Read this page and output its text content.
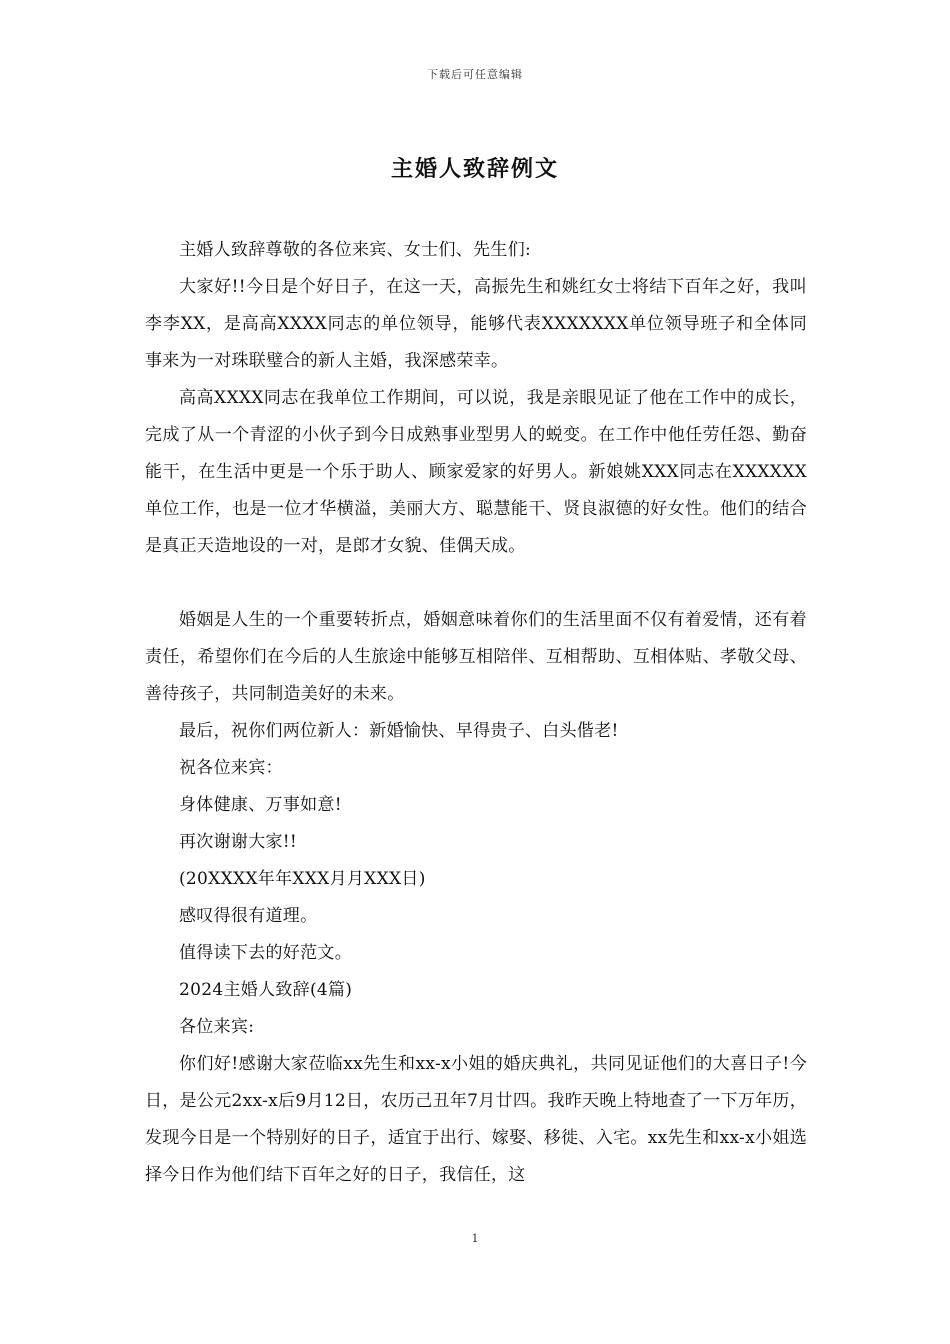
下载后可任意编辑
主婚人致辞例文

主婚人致辞尊敬的各位来宾、女士们、先生们:

大家好!!今日是个好日子，在这一天，高振先生和姚红女士将结下百年之好，我叫李李XX，是高高XXXX同志的单位领导，能够代表XXXXXXX单位领导班子和全体同事来为一对珠联璧合的新人主婚，我深感荣幸。

高高XXXX同志在我单位工作期间，可以说，我是亲眼见证了他在工作中的成长，完成了从一个青涩的小伙子到今日成熟事业型男人的蜕变。在工作中他任劳任怨、勤奋能干，在生活中更是一个乐于助人、顾家爱家的好男人。新娘姚XXX同志在XXXXXX单位工作，也是一位才华横溢，美丽大方、聪慧能干、贤良淑德的好女性。他们的结合是真正天造地设的一对，是郎才女貌、佳偶天成。

婚姻是人生的一个重要转折点，婚姻意味着你们的生活里面不仅有着爱情，还有着责任，希望你们在今后的人生旅途中能够互相陪伴、互相帮助、互相体贴、孝敬父母、善待孩子，共同制造美好的未来。

最后，祝你们两位新人：新婚愉快、早得贵子、白头偕老!

祝各位来宾：

身体健康、万事如意!

再次谢谢大家!!

(20XXXX年年XXX月月XXX日)

感叹得很有道理。

值得读下去的好范文。

2024主婚人致辞(4篇)

各位来宾:

你们好!感谢大家莅临xx先生和xx-x小姐的婚庆典礼，共同见证他们的大喜日子!今日，是公元2xx-x后9月12日，农历己丑年7月廿四。我昨天晚上特地查了一下万年历，发现今日是一个特别好的日子，适宜于出行、嫁娶、移徙、入宅。xx先生和xx-x小姐选择今日作为他们结下百年之好的日子，我信任，这

1
